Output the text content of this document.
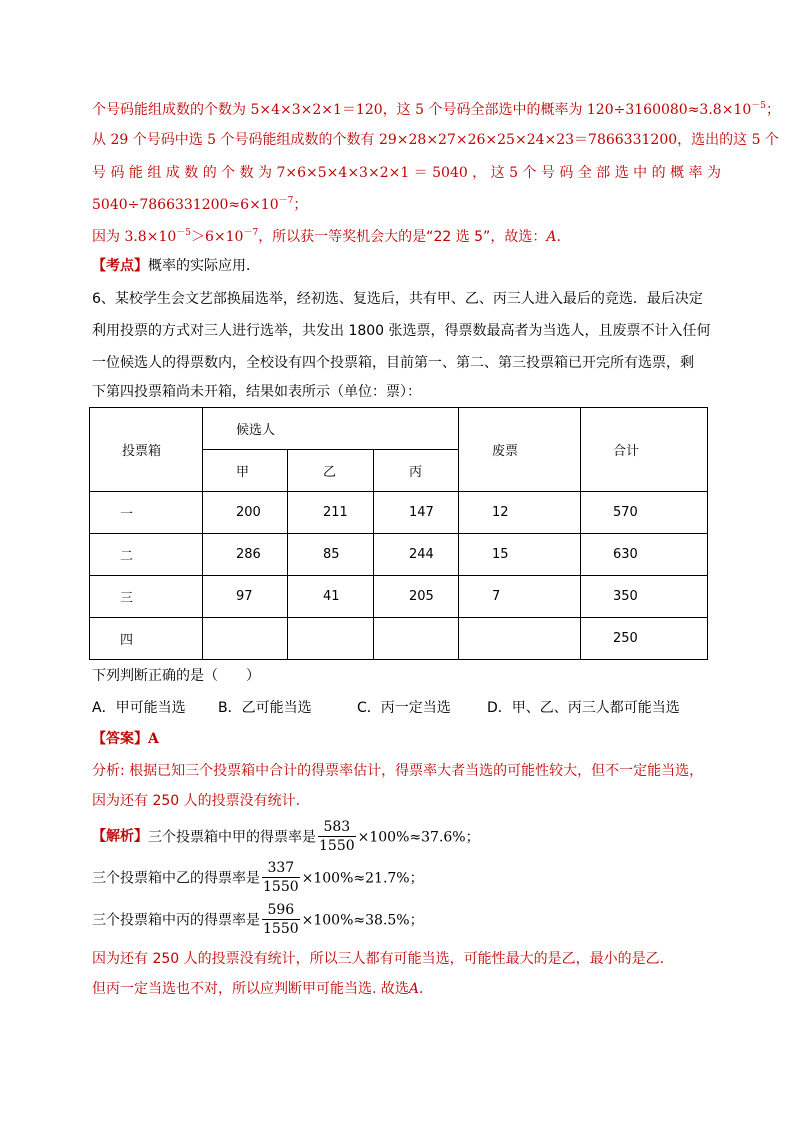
个号码能组成数的个数为 5×4×3×2×1＝120，这 5 个号码全部选中的概率为 $120\div 3160080\approx 3.8\times 10^{-5}$；
从 29 个号码中选 5 个号码能组成数的个数有 29×28×27×26×25×24×23＝7866331200，选出的这 5 个
号 码 能 组 成 数 的 个 数 为 7×6×5×4×3×2×1 ＝ 5040 ， 这 5 个 号 码 全 部 选 中 的 概 率 为
$5040\div 7866331200\approx 6\times 10^{-7}$；
因为 $3.8\times 10^{-5}>6\times 10^{-7}$，所以获一等奖机会大的是“22 选 5”，故选：A.
【考点】概率的实际应用．
6、某校学生会文艺部换届选举，经初选、复选后，共有甲、乙、丙三人进入最后的竞选．最后决定
利用投票的方式对三人进行选举，共发出 1800 张选票，得票数最高者为当选人，且废票不计入任何
一位候选人的得票数内，全校设有四个投票箱，目前第一、第二、第三投票箱已开完所有选票，剩
下第四投票箱尚未开箱，结果如表所示（单位：票）：
投票箱	候选人			废票	合计
	甲	乙	丙		
一	200	211	147	12	570
二	286	85	244	15	630
三	97	41	205	7	350
四					250
下列判断正确的是（　　）
A．甲可能当选 B．乙可能当选	C．丙一定当选	D．甲、乙、丙三人都可能当选
【答案】A
分析: 根据已知三个投票箱中合计的得票率估计，得票率大者当选的可能性较大，但不一定能当选，
因为还有 250 人的投票没有统计.
【解析】三个投票箱中甲的得票率是 $\frac{583}{1550} \times 100\%\approx 37.6\%$；
三个投票箱中乙的得票率是 $\frac{337}{1550} \times 100\%\approx 21.7\%$；
三个投票箱中丙的得票率是 $\frac{596}{1550} \times 100\%\approx 38.5\%$；
因为还有 250 人的投票没有统计，所以三人都有可能当选，可能性最大的是乙，最小的是乙.
但丙一定当选也不对，所以应判断甲可能当选. 故选A.
